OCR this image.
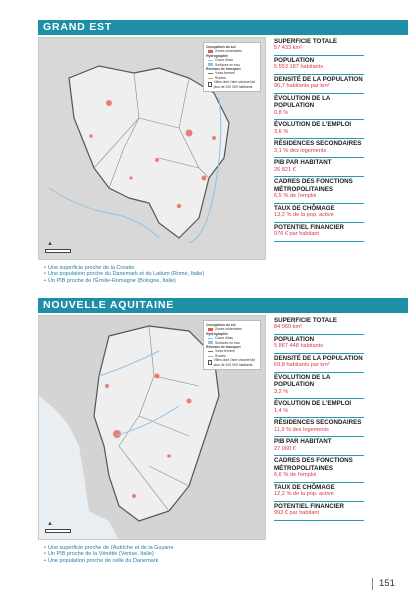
GRAND EST
Occupation du sol
Zones urbanisées
Hydrographie
Cours d'eau
Surfaces en eau
Réseaux de transport
Voies ferrées
Routes
Villes dont l'aire urbaine fait plus de 100 000 habitants
▲
SUPERFICIE TOTALE
57 433 km²
POPULATION
5 553 187 habitants
DENSITÉ DE LA POPULATION
96,7 habitants par km²
ÉVOLUTION DE LA POPULATION
0,8 %
ÉVOLUTION DE L'EMPLOI
3,6 %
RÉSIDENCES SECONDAIRES
3,1 % des logements
PIB PAR HABITANT
26 821 €
CADRES DES FONCTIONS MÉTROPOLITAINES
6,5 % de l'emploi
TAUX DE CHÔMAGE
13,2 % de la pop. active
POTENTIEL FINANCIER
976 € par habitant
• Une superficie proche de la Croatie
• Une population proche du Danemark et du Latium (Rome, Italie)
• Un PIB proche de l'Émilie-Romagne (Bologne, Italie)
NOUVELLE AQUITAINE
Occupation du sol
Zones urbanisées
Hydrographie
Cours d'eau
Surfaces en eau
Réseaux de transport
Voies ferrées
Routes
Villes dont l'aire urbaine fait plus de 100 000 habitants
▲
SUPERFICIE TOTALE
84 060 km²
POPULATION
5 867 448 habitants
DENSITÉ DE LA POPULATION
69,8 habitants par km²
ÉVOLUTION DE LA POPULATION
3,2 %
ÉVOLUTION DE L'EMPLOI
1,4 %
RÉSIDENCES SECONDAIRES
11,9 % des logements
PIB PAR HABITANT
27 060 €
CADRES DES FONCTIONS MÉTROPOLITAINES
6,6 % de l'emploi
TAUX DE CHÔMAGE
12,2 % de la pop. active
POTENTIEL FINANCIER
993 € par habitant
• Une superficie proche de l'Autriche et de la Guyane
• Un PIB proche de la Vénétie (Venise, Italie)
• Une population proche de celle du Danemark
151
